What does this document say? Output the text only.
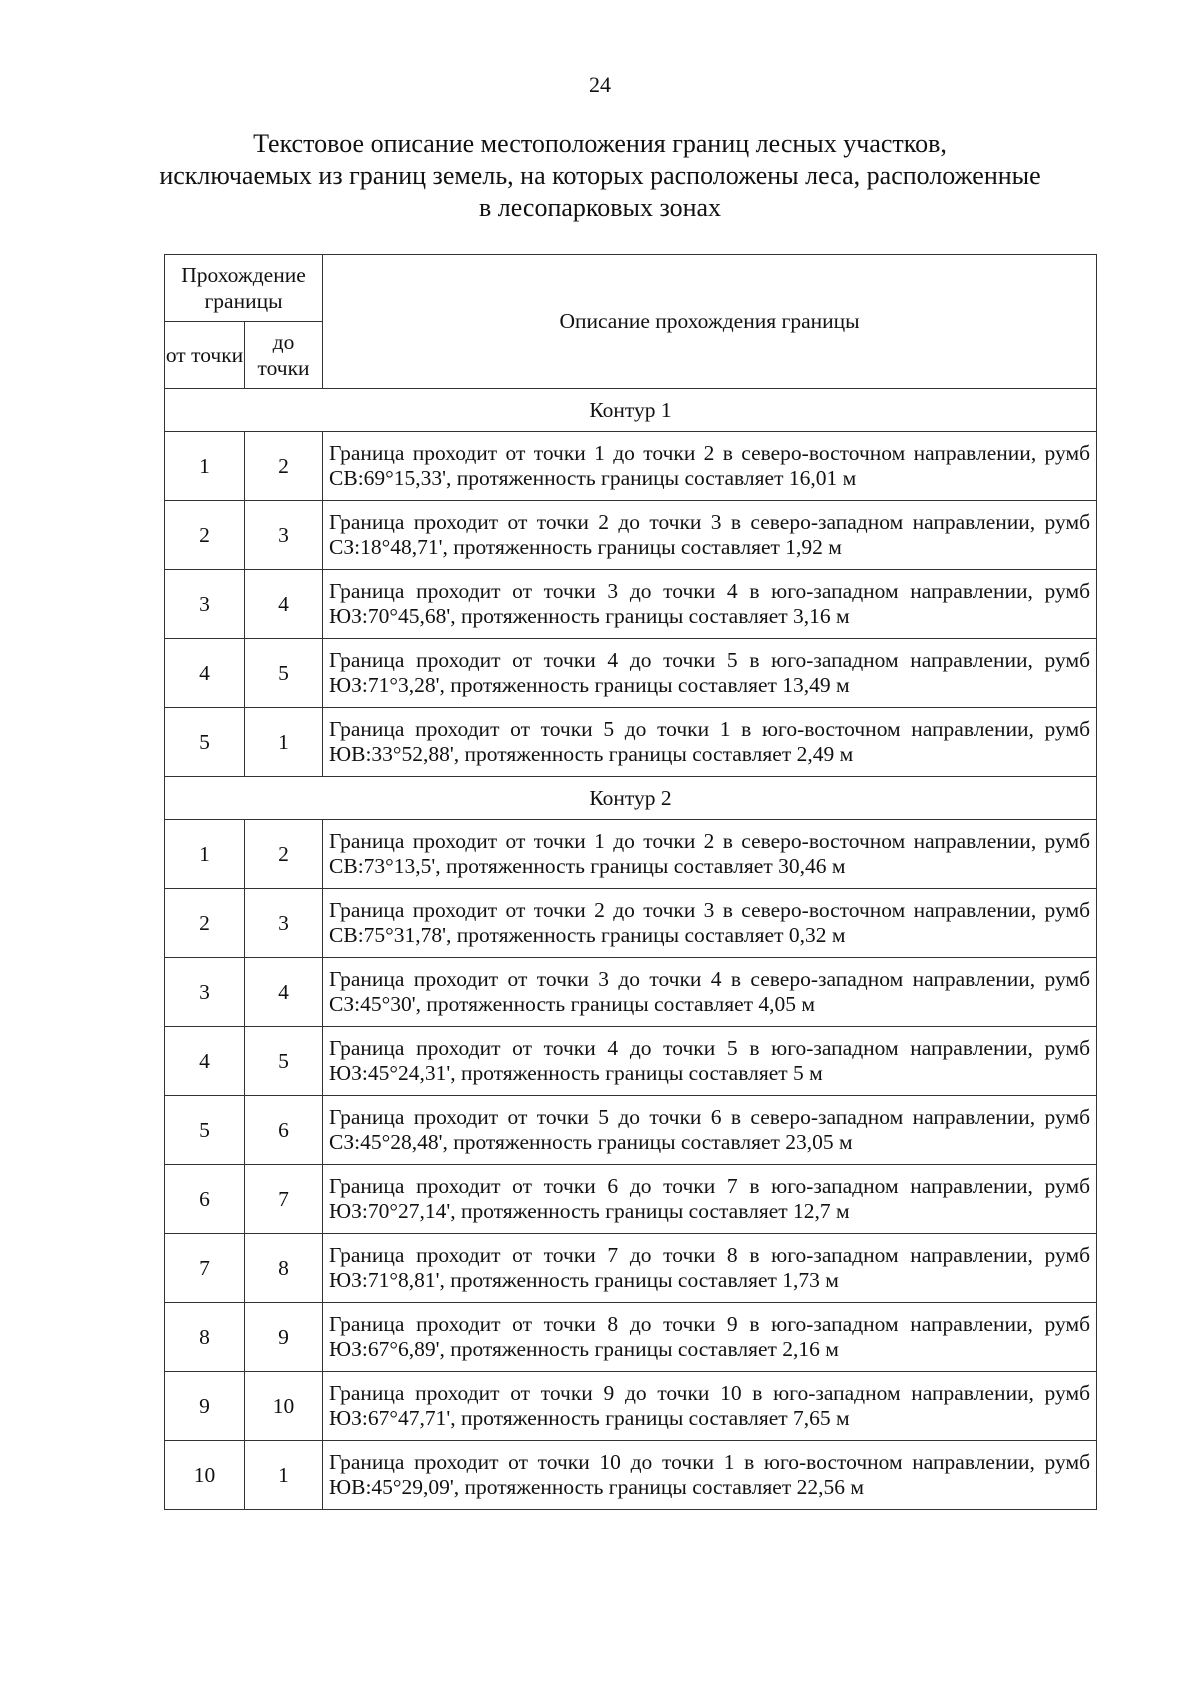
24
Текстовое описание местоположения границ лесных участков,
исключаемых из границ земель, на которых расположены леса, расположенные
в лесопарковых зонах
Прохождение границы		Описание прохождения границы
от точки	до точки	
Контур 1		
1	2	Граница проходит от точки 1 до точки 2 в северо-восточном направлении, румб СВ:69°15,33', протяженность границы составляет 16,01 м
2	3	Граница проходит от точки 2 до точки 3 в северо-западном направлении, румб СЗ:18°48,71', протяженность границы составляет 1,92 м
3	4	Граница проходит от точки 3 до точки 4 в юго-западном направлении, румб ЮЗ:70°45,68', протяженность границы составляет 3,16 м
4	5	Граница проходит от точки 4 до точки 5 в юго-западном направлении, румб ЮЗ:71°3,28', протяженность границы составляет 13,49 м
5	1	Граница проходит от точки 5 до точки 1 в юго-восточном направлении, румб ЮВ:33°52,88', протяженность границы составляет 2,49 м
Контур 2		
1	2	Граница проходит от точки 1 до точки 2 в северо-восточном направлении, румб СВ:73°13,5', протяженность границы составляет 30,46 м
2	3	Граница проходит от точки 2 до точки 3 в северо-восточном направлении, румб СВ:75°31,78', протяженность границы составляет 0,32 м
3	4	Граница проходит от точки 3 до точки 4 в северо-западном направлении, румб СЗ:45°30', протяженность границы составляет 4,05 м
4	5	Граница проходит от точки 4 до точки 5 в юго-западном направлении, румб ЮЗ:45°24,31', протяженность границы составляет 5 м
5	6	Граница проходит от точки 5 до точки 6 в северо-западном направлении, румб СЗ:45°28,48', протяженность границы составляет 23,05 м
6	7	Граница проходит от точки 6 до точки 7 в юго-западном направлении, румб ЮЗ:70°27,14', протяженность границы составляет 12,7 м
7	8	Граница проходит от точки 7 до точки 8 в юго-западном направлении, румб ЮЗ:71°8,81', протяженность границы составляет 1,73 м
8	9	Граница проходит от точки 8 до точки 9 в юго-западном направлении, румб ЮЗ:67°6,89', протяженность границы составляет 2,16 м
9	10	Граница проходит от точки 9 до точки 10 в юго-западном направлении, румб ЮЗ:67°47,71', протяженность границы составляет 7,65 м
10	1	Граница проходит от точки 10 до точки 1 в юго-восточном направлении, румб ЮВ:45°29,09', протяженность границы составляет 22,56 м
